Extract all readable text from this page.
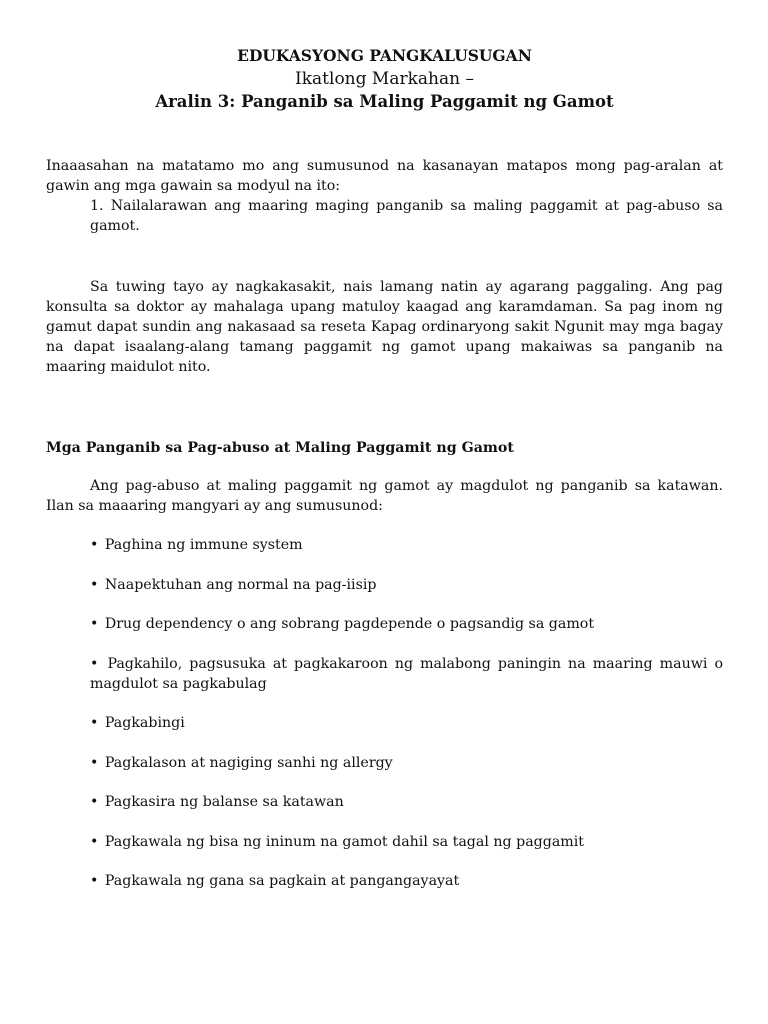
EDUKASYONG PANGKALUSUGAN

Ikatlong Markahan –

Aralin 3: Panganib sa Maling Paggamit ng Gamot

Inaaasahan na matatamo mo ang sumusunod na kasanayan matapos mong pag-aralan at gawin ang mga gawain sa modyul na ito:

1. Nailalarawan ang maaring maging panganib sa maling paggamit at pag-abuso sa gamot.

Sa tuwing tayo ay nagkakasakit, nais lamang natin ay agarang paggaling. Ang pag konsulta sa doktor ay mahalaga upang matuloy kaagad ang karamdaman. Sa pag inom ng gamut dapat sundin ang nakasaad sa reseta Kapag ordinaryong sakit Ngunit may mga bagay na dapat isaalang-alang tamang paggamit ng gamot upang makaiwas sa panganib na maaring maidulot nito.

Mga Panganib sa Pag-abuso at Maling Paggamit ng Gamot

Ang pag-abuso at maling paggamit ng gamot ay magdulot ng panganib sa katawan. Ilan sa maaaring mangyari ay ang sumusunod:

• Paghina ng immune system
• Naapektuhan ang normal na pag-iisip
• Drug dependency o ang sobrang pagdepende o pagsandig sa gamot
• Pagkahilo, pagsusuka at pagkakaroon ng malabong paningin na maaring mauwi o magdulot sa pagkabulag
• Pagkabingi
• Pagkalason at nagiging sanhi ng allergy
• Pagkasira ng balanse sa katawan
• Pagkawala ng bisa ng ininum na gamot dahil sa tagal ng paggamit
• Pagkawala ng gana sa pagkain at pangangayayat
